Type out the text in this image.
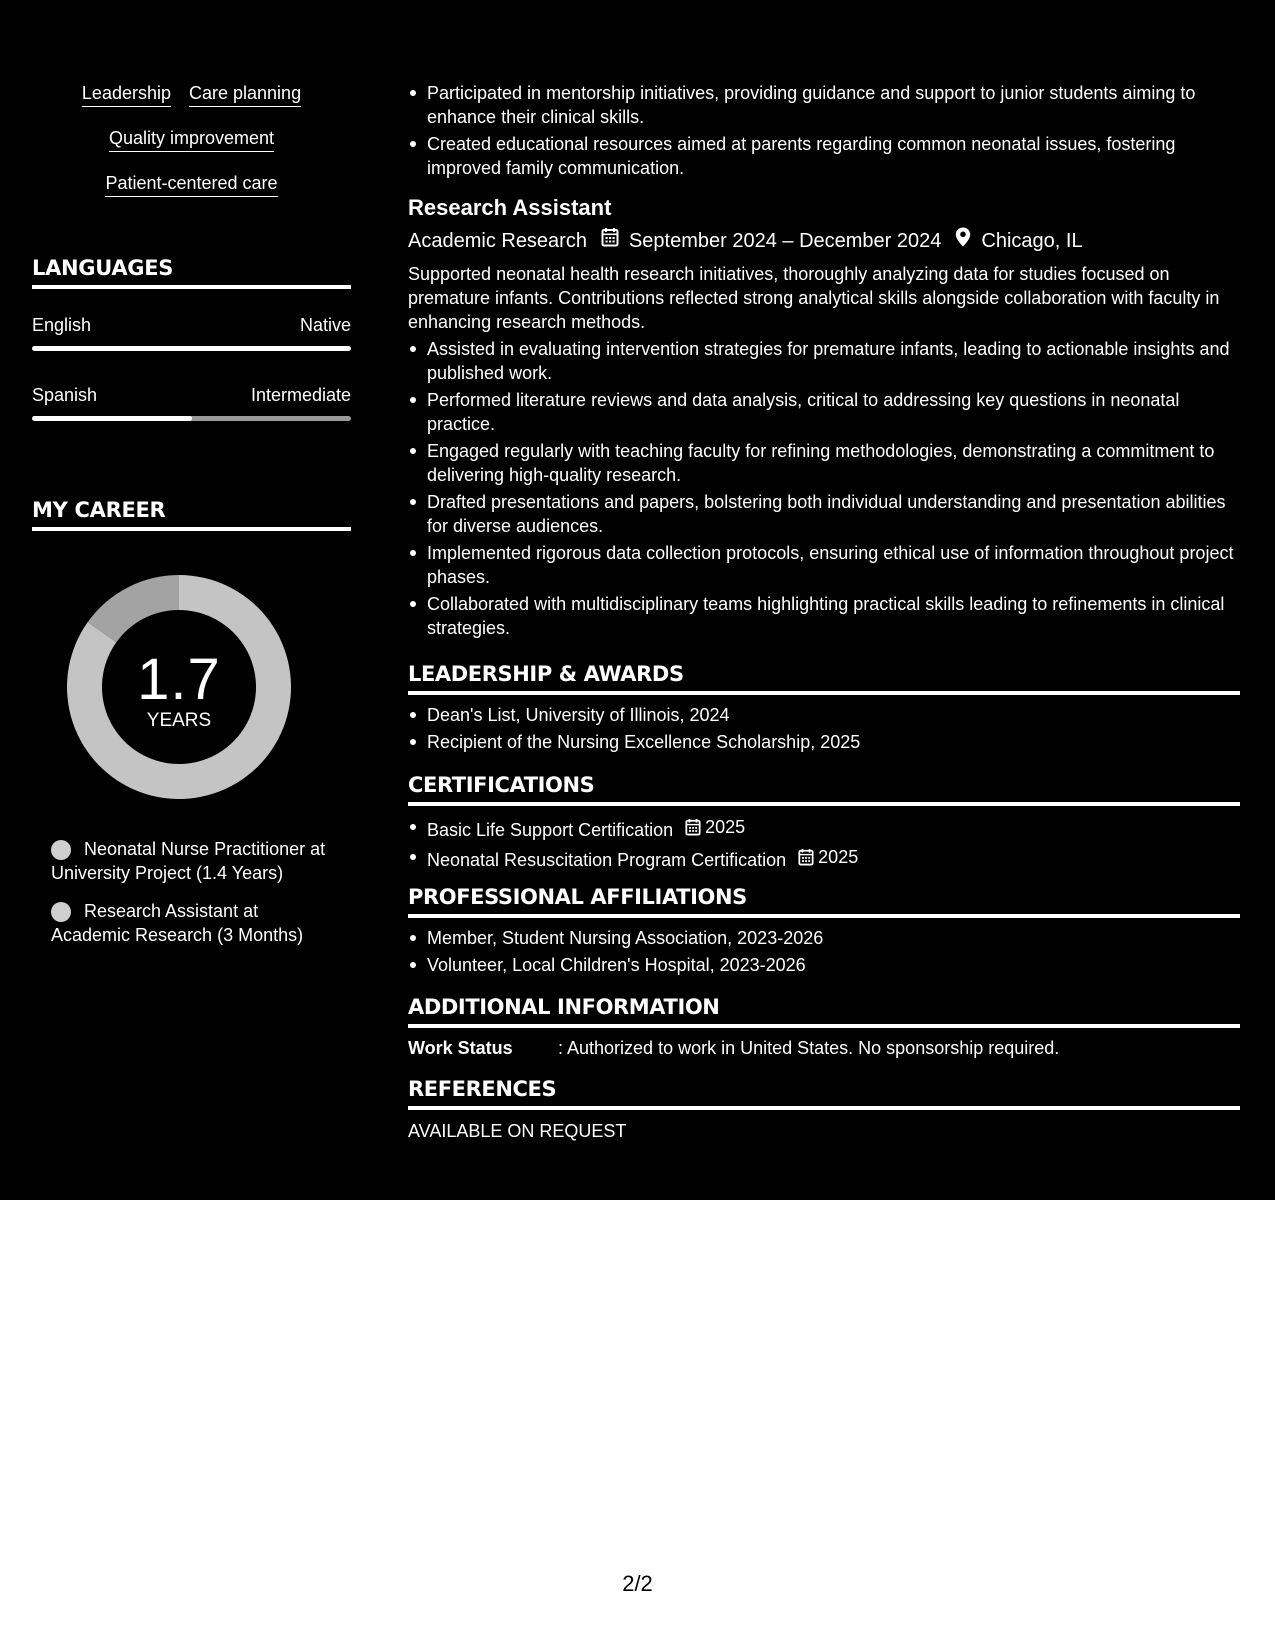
Leadership Care planning
Quality improvement
Patient-centered care
LANGUAGES
English	Native
Spanish	Intermediate
MY CAREER
1.7
YEARS
Neonatal Nurse Practitioner at University Project (1.4 Years)
Research Assistant at Academic Research (3 Months)
Participated in mentorship initiatives, providing guidance and support to junior students aiming to enhance their clinical skills.
Created educational resources aimed at parents regarding common neonatal issues, fostering improved family communication.
Research Assistant
Academic Research September 2024 – December 2024 Chicago, IL
Supported neonatal health research initiatives, thoroughly analyzing data for studies focused on premature infants. Contributions reflected strong analytical skills alongside collaboration with faculty in enhancing research methods.
Assisted in evaluating intervention strategies for premature infants, leading to actionable insights and published work.
Performed literature reviews and data analysis, critical to addressing key questions in neonatal practice.
Engaged regularly with teaching faculty for refining methodologies, demonstrating a commitment to delivering high-quality research.
Drafted presentations and papers, bolstering both individual understanding and presentation abilities for diverse audiences.
Implemented rigorous data collection protocols, ensuring ethical use of information throughout project phases.
Collaborated with multidisciplinary teams highlighting practical skills leading to refinements in clinical strategies.
LEADERSHIP & AWARDS
Dean's List, University of Illinois, 2024
Recipient of the Nursing Excellence Scholarship, 2025
CERTIFICATIONS
Basic Life Support Certification 2025
Neonatal Resuscitation Program Certification 2025
PROFESSIONAL AFFILIATIONS
Member, Student Nursing Association, 2023-2026
Volunteer, Local Children's Hospital, 2023-2026
ADDITIONAL INFORMATION
Work Status	: Authorized to work in United States. No sponsorship required.
REFERENCES
AVAILABLE ON REQUEST
2/2
